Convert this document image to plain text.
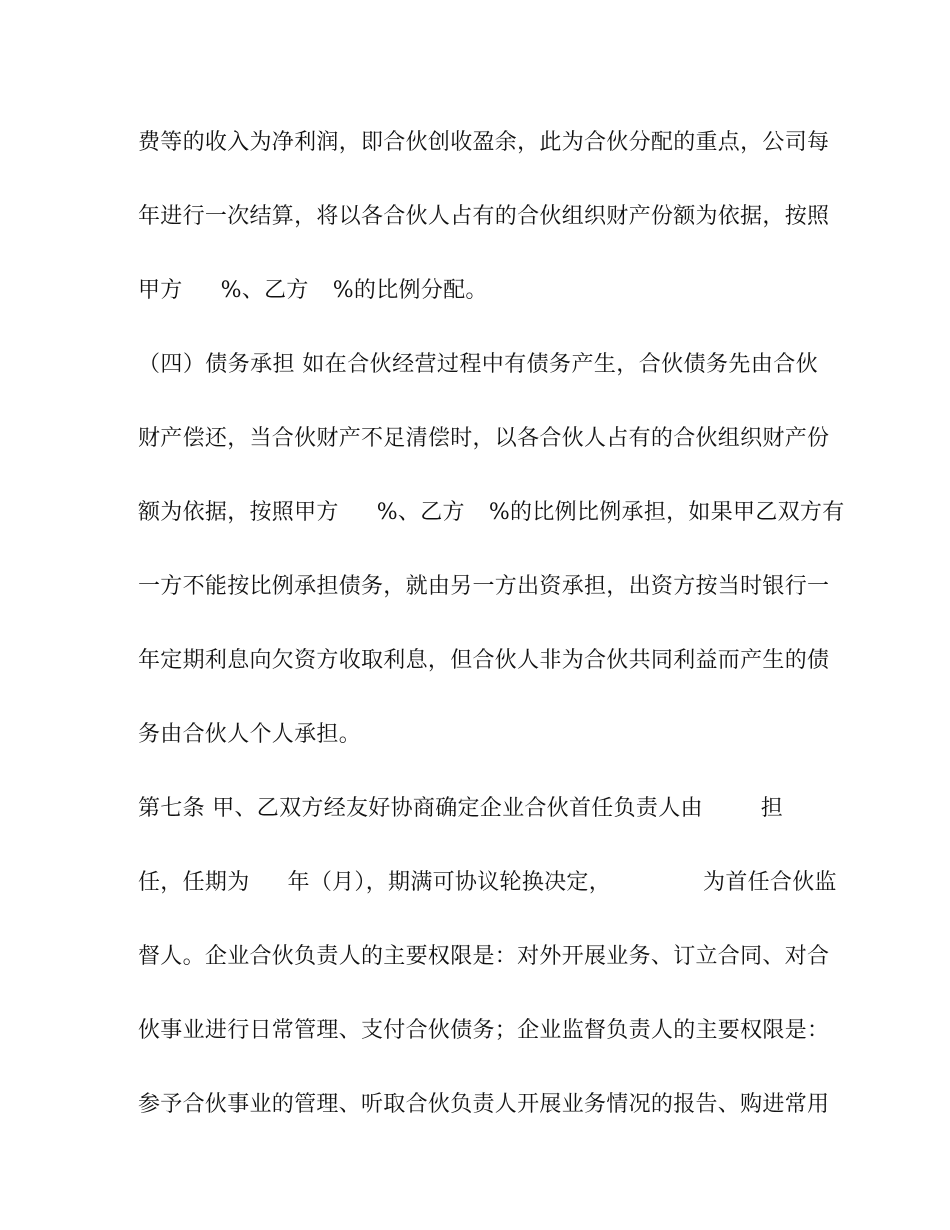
费等的收入为净利润，即合伙创收盈余，此为合伙分配的重点，公司每
年进行一次结算，将以各合伙人占有的合伙组织财产份额为依据，按照
甲方 %、乙方 %的比例分配。
（四）债务承担 如在合伙经营过程中有债务产生，合伙债务先由合伙
财产偿还，当合伙财产不足清偿时，以各合伙人占有的合伙组织财产份
额为依据，按照甲方 %、乙方 %的比例比例承担，如果甲乙双方有
一方不能按比例承担债务，就由另一方出资承担，出资方按当时银行一
年定期利息向欠资方收取利息，但合伙人非为合伙共同利益而产生的债
务由合伙人个人承担。
第七条 甲、乙双方经友好协商确定企业合伙首任负责人由	担
任，任期为 年（月），期满可协议轮换决定，	为首任合伙监
督人。企业合伙负责人的主要权限是：对外开展业务、订立合同、对合
伙事业进行日常管理、支付合伙债务；企业监督负责人的主要权限是：
参予合伙事业的管理、听取合伙负责人开展业务情况的报告、购进常用
